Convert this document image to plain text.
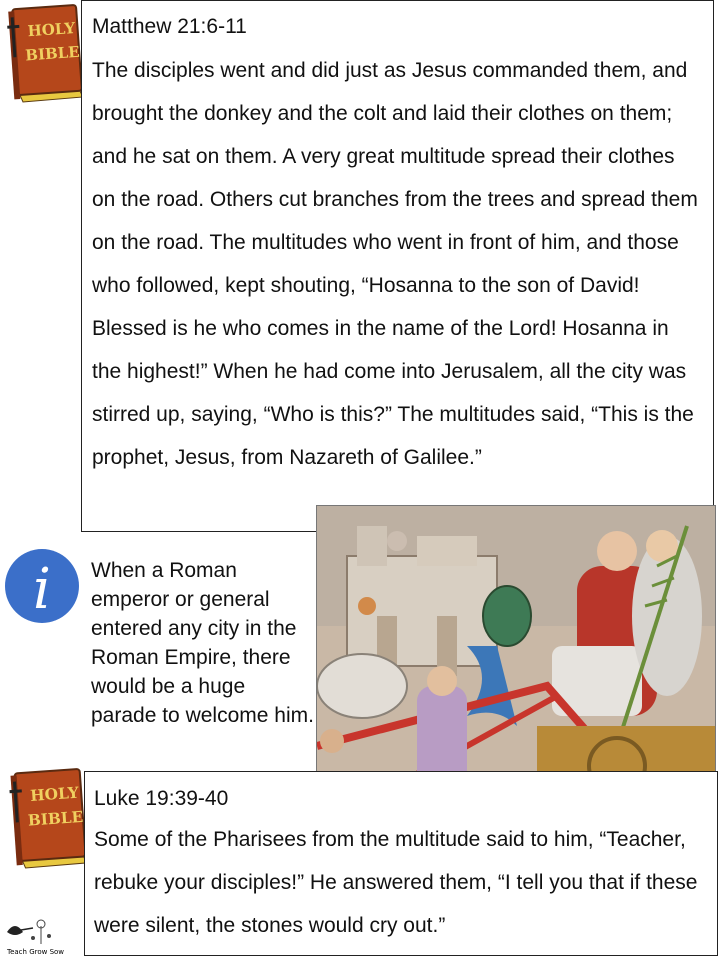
HOLY
BIBLE
Matthew 21:6-11
The disciples went and did just as Jesus commanded them, and brought the donkey and the colt and laid their clothes on them; and he sat on them. A very great multitude spread their clothes on the road. Others cut branches from the trees and spread them on the road. The multitudes who went in front of him, and those who followed, kept shouting, “Hosanna to the son of David! Blessed is he who comes in the name of the Lord! Hosanna in the highest!” When he had come into Jerusalem, all the city was stirred up, saying, “Who is this?” The multitudes said, “This is the prophet, Jesus, from Nazareth of Galilee.”
i When a Roman emperor or general entered any city in the Roman Empire, there would be a huge parade to welcome him.
HOLY
BIBLE
Luke 19:39-40
Some of the Pharisees from the multitude said to him, “Teacher, rebuke your disciples!” He answered them, “I tell you that if these were silent, the stones would cry out.”
Teach Grow Sow
